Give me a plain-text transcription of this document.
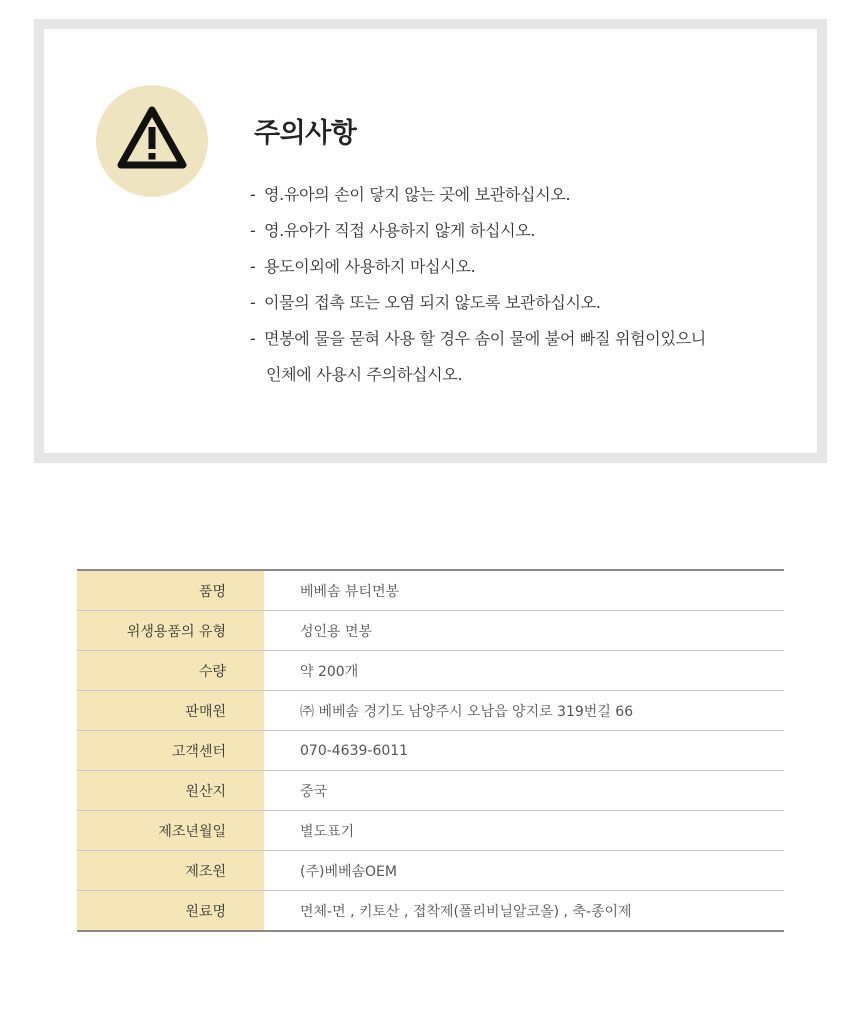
주의사항
- 영.유아의 손이 닿지 않는 곳에 보관하십시오.
- 영.유아가 직접 사용하지 않게 하십시오.
- 용도이외에 사용하지 마십시오.
- 이물의 접촉 또는 오염 되지 않도록 보관하십시오.
- 면봉에 물을 묻혀 사용 할 경우 솜이 물에 불어 빠질 위험이있으니
인체에 사용시 주의하십시오.
품명	베베솜 뷰티면봉
위생용품의 유형	성인용 면봉
수량	약 200개
판매원	㈜ 베베솜 경기도 남양주시 오남읍 양지로 319번길 66
고객센터	070-4639-6011
원산지	중국
제조년월일	별도표기
제조원	(주)베베솜OEM
원료명	면체-면 , 키토산 , 접착제(폴리비닐알코올) , 축-종이제
